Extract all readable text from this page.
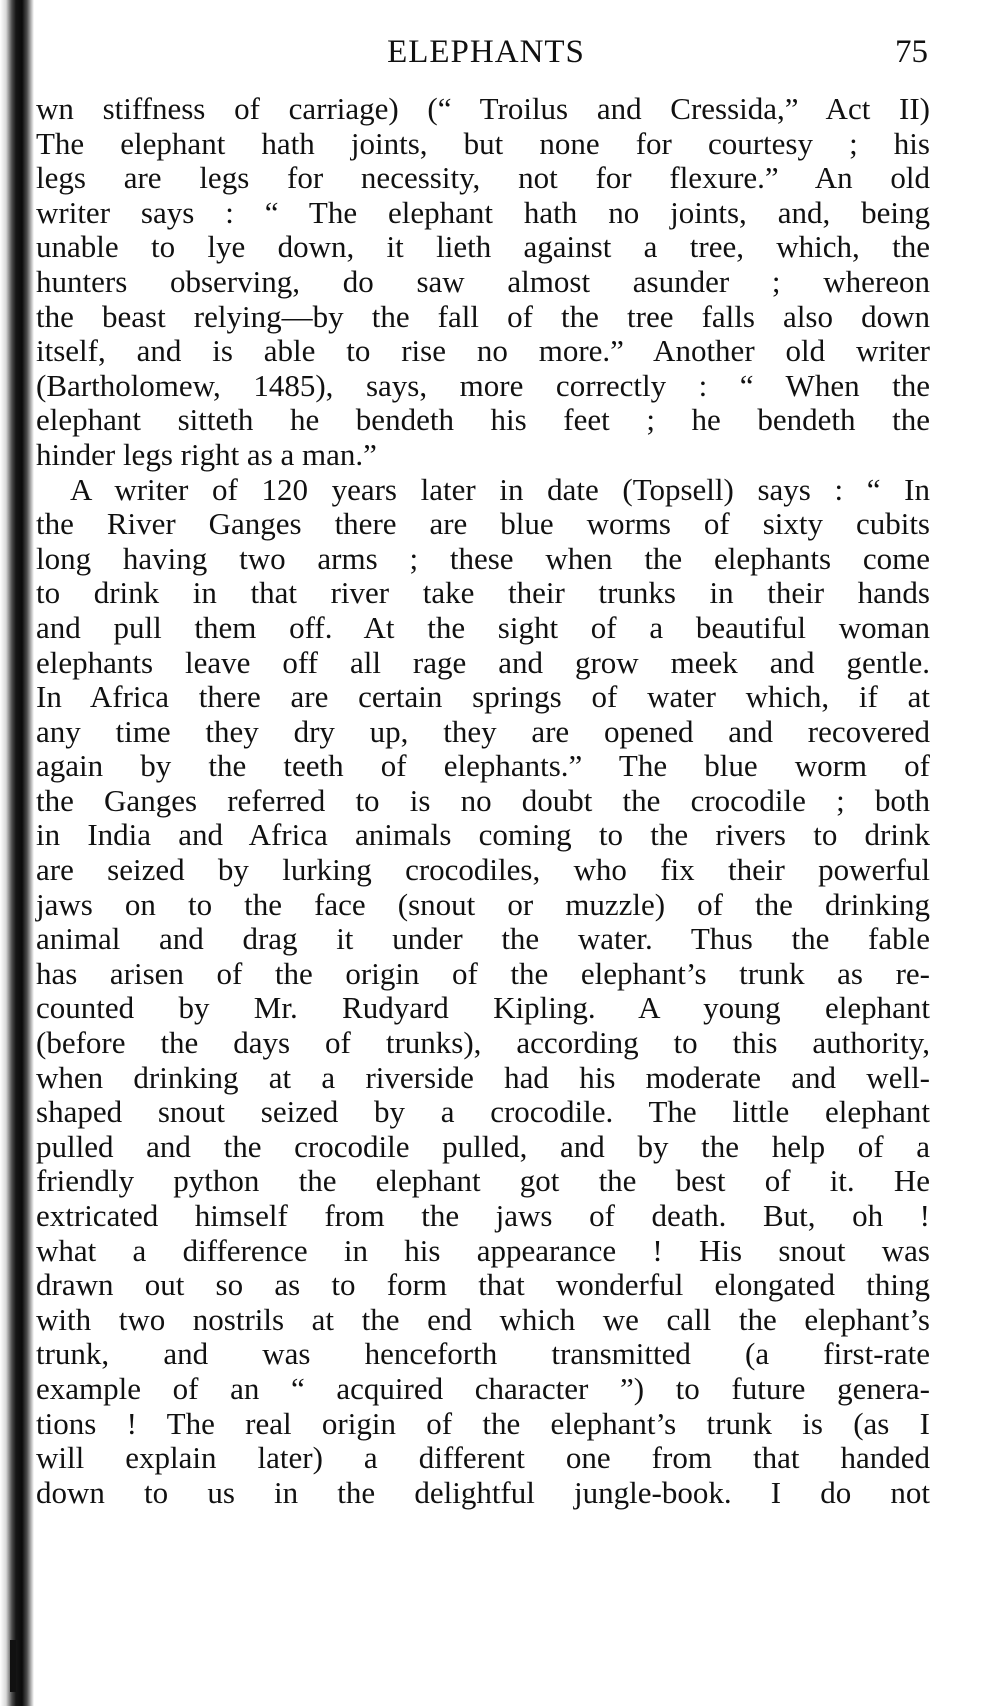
ELEPHANTS	75
wn stiffness of carriage) (“ Troilus and Cressida,” Act II)
The elephant hath joints, but none for courtesy ; his
legs are legs for necessity, not for flexure.” An old
writer says : “ The elephant hath no joints, and, being
unable to lye down, it lieth against a tree, which, the
hunters observing, do saw almost asunder ; whereon
the beast relying—by the fall of the tree falls also down
itself, and is able to rise no more.” Another old writer
(Bartholomew, 1485), says, more correctly : “ When the
elephant sitteth he bendeth his feet ; he bendeth the
hinder legs right as a man.”
A writer of 120 years later in date (Topsell) says : “ In
the River Ganges there are blue worms of sixty cubits
long having two arms ; these when the elephants come
to drink in that river take their trunks in their hands
and pull them off. At the sight of a beautiful woman
elephants leave off all rage and grow meek and gentle.
In Africa there are certain springs of water which, if at
any time they dry up, they are opened and recovered
again by the teeth of elephants.” The blue worm of
the Ganges referred to is no doubt the crocodile ; both
in India and Africa animals coming to the rivers to drink
are seized by lurking crocodiles, who fix their powerful
jaws on to the face (snout or muzzle) of the drinking
animal and drag it under the water. Thus the fable
has arisen of the origin of the elephant’s trunk as re-
counted by Mr. Rudyard Kipling. A young elephant
(before the days of trunks), according to this authority,
when drinking at a riverside had his moderate and well-
shaped snout seized by a crocodile. The little elephant
pulled and the crocodile pulled, and by the help of a
friendly python the elephant got the best of it. He
extricated himself from the jaws of death. But, oh !
what a difference in his appearance ! His snout was
drawn out so as to form that wonderful elongated thing
with two nostrils at the end which we call the elephant’s
trunk, and was henceforth transmitted (a first-rate
example of an “ acquired character ”) to future genera-
tions ! The real origin of the elephant’s trunk is (as I
will explain later) a different one from that handed
down to us in the delightful jungle-book. I do not
